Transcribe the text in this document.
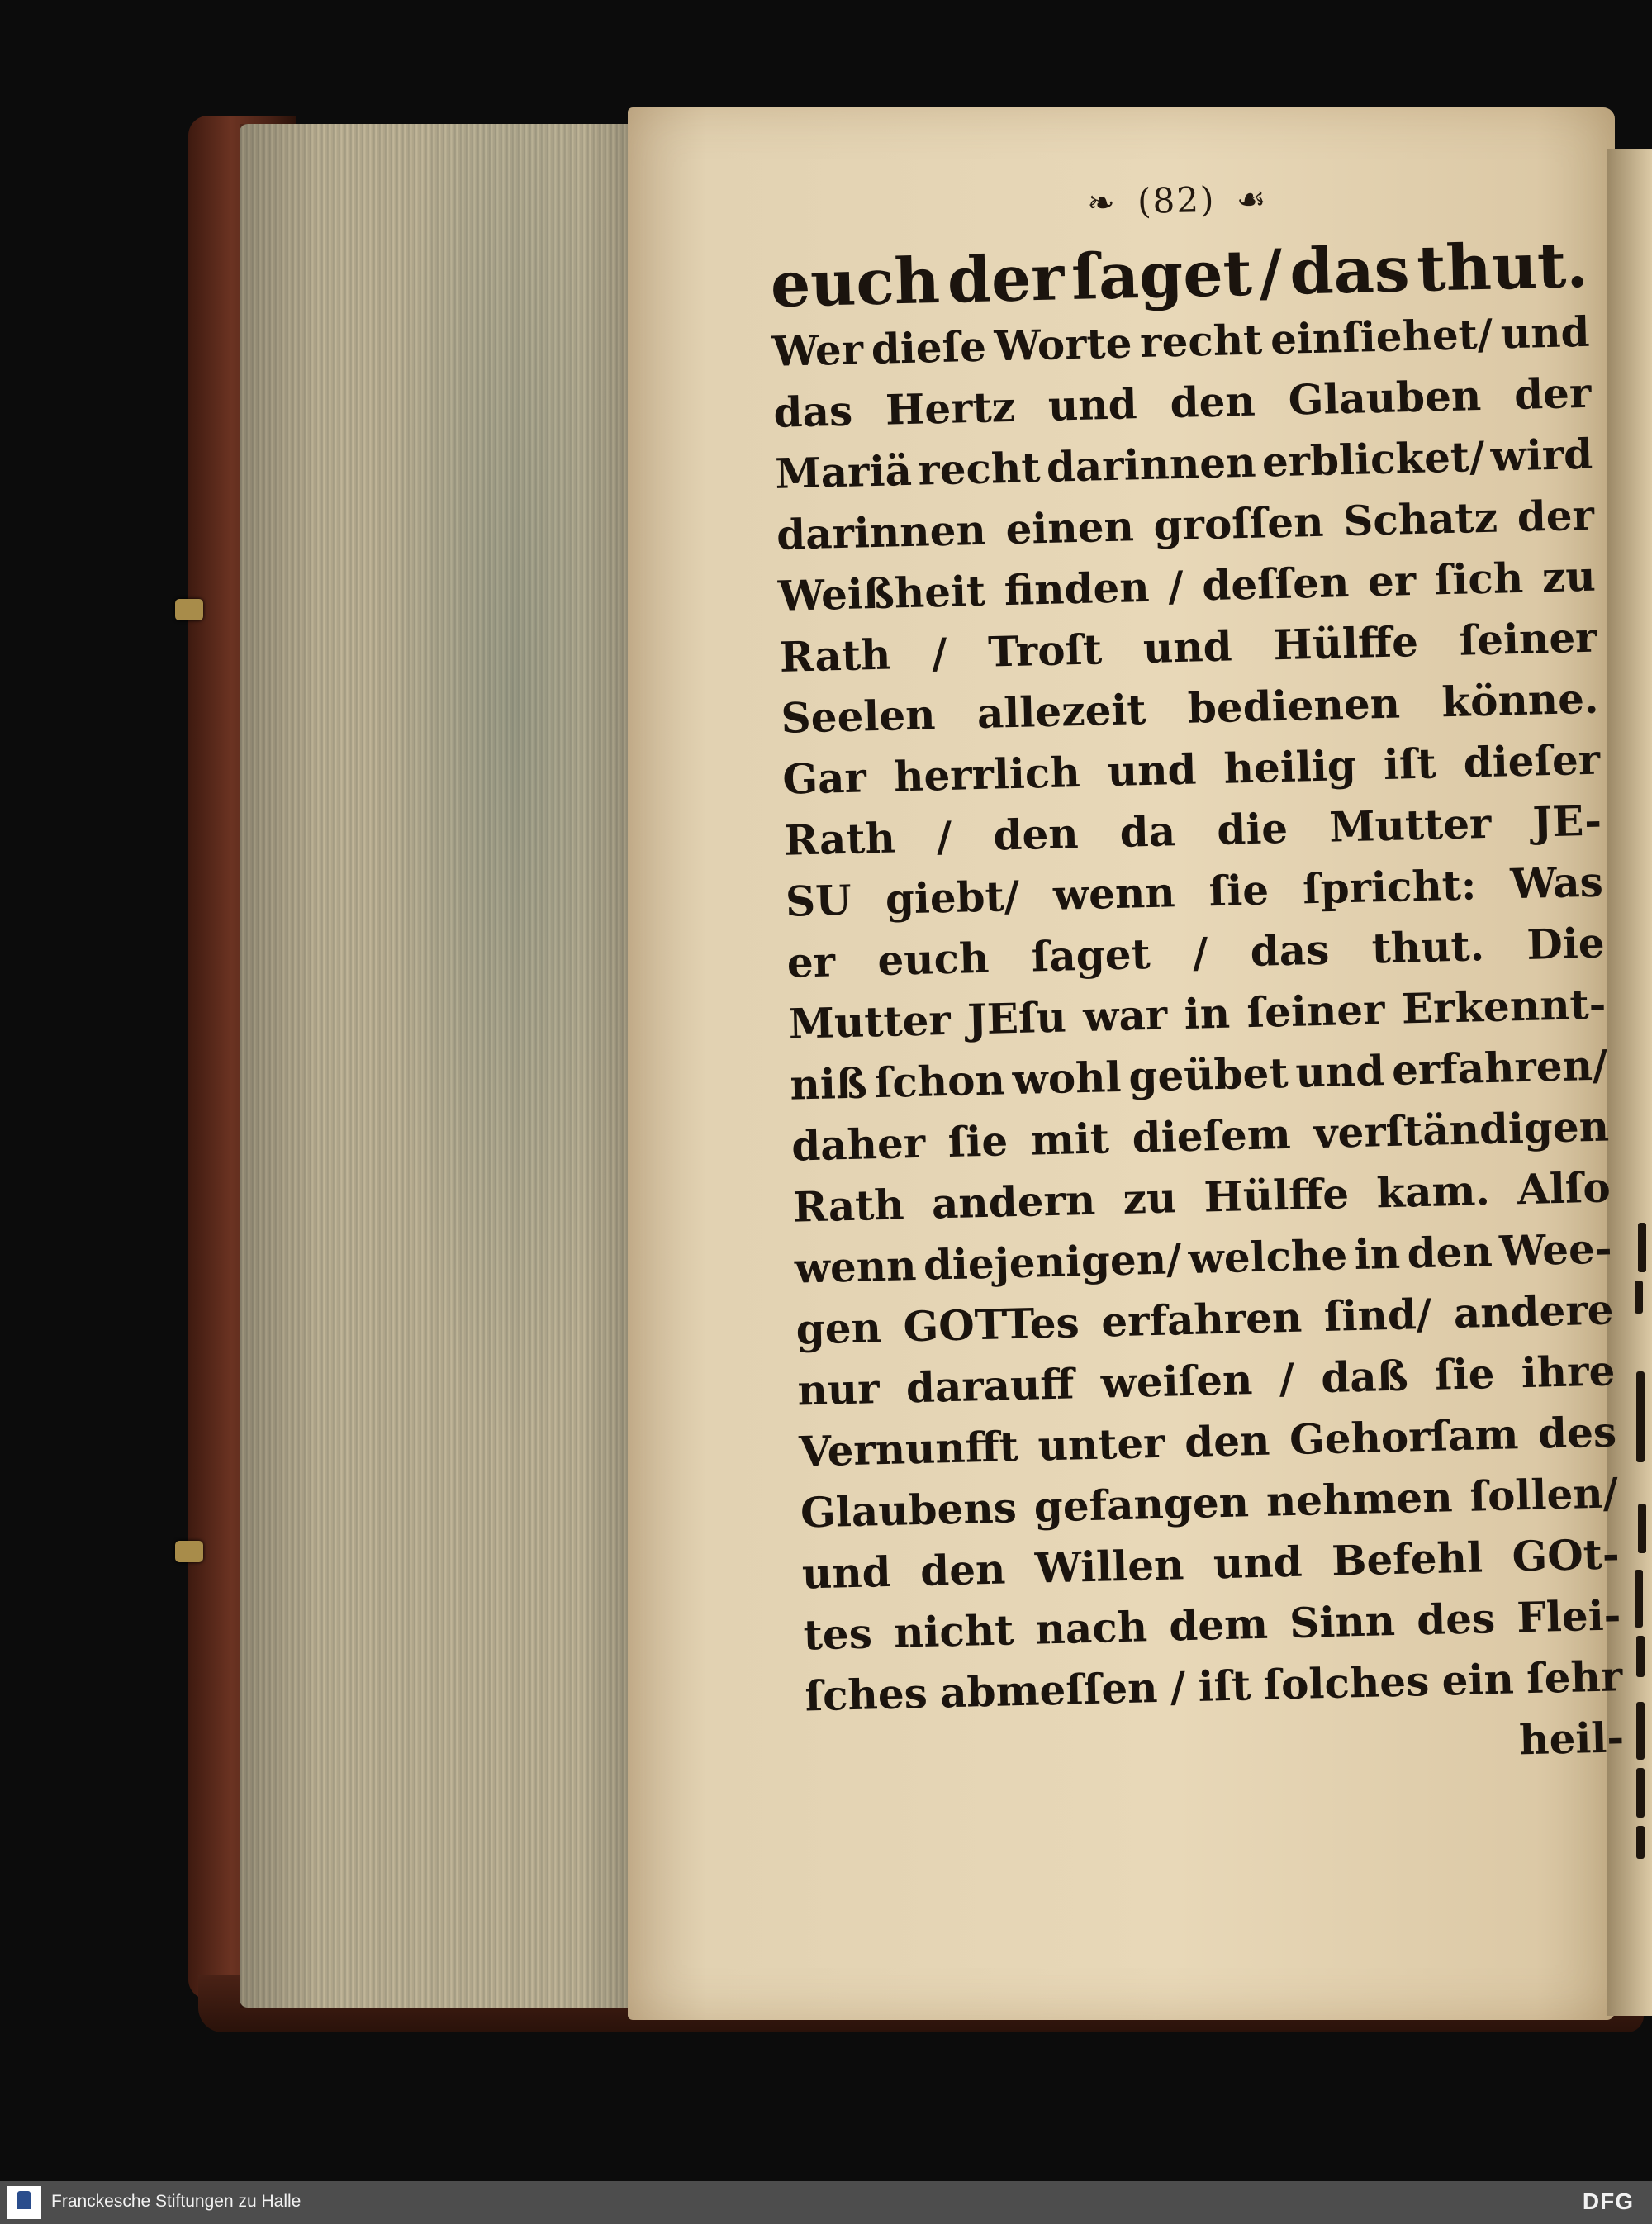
❧ (82) ☙
euch der ſaget / das thut.
Wer dieſe Worte recht einſiehet/ und
das Hertz und den Glauben der
Mariä recht darinnen erblicket/ wird
darinnen einen groſſen Schatz der
Weißheit finden / deſſen er ſich zu
Rath / Troſt und Hülffe ſeiner
Seelen allezeit bedienen könne.
Gar herrlich und heilig iſt dieſer
Rath / den da die Mutter JE-
SU giebt/ wenn ſie ſpricht: Was
er euch ſaget / das thut. Die
Mutter JEſu war in ſeiner Erkennt-
niß ſchon wohl geübet und erfahren/
daher ſie mit dieſem verſtändigen
Rath andern zu Hülffe kam. Alſo
wenn diejenigen/ welche in den Wee-
gen GOTTes erfahren ſind/ andere
nur darauff weiſen / daß ſie ihre
Vernunfft unter den Gehorſam des
Glaubens gefangen nehmen ſollen/
und den Willen und Befehl GOt-
tes nicht nach dem Sinn des Flei-
ſches abmeſſen / iſt ſolches ein ſehr
heil-
Franckesche Stiftungen zu Halle	DFG
